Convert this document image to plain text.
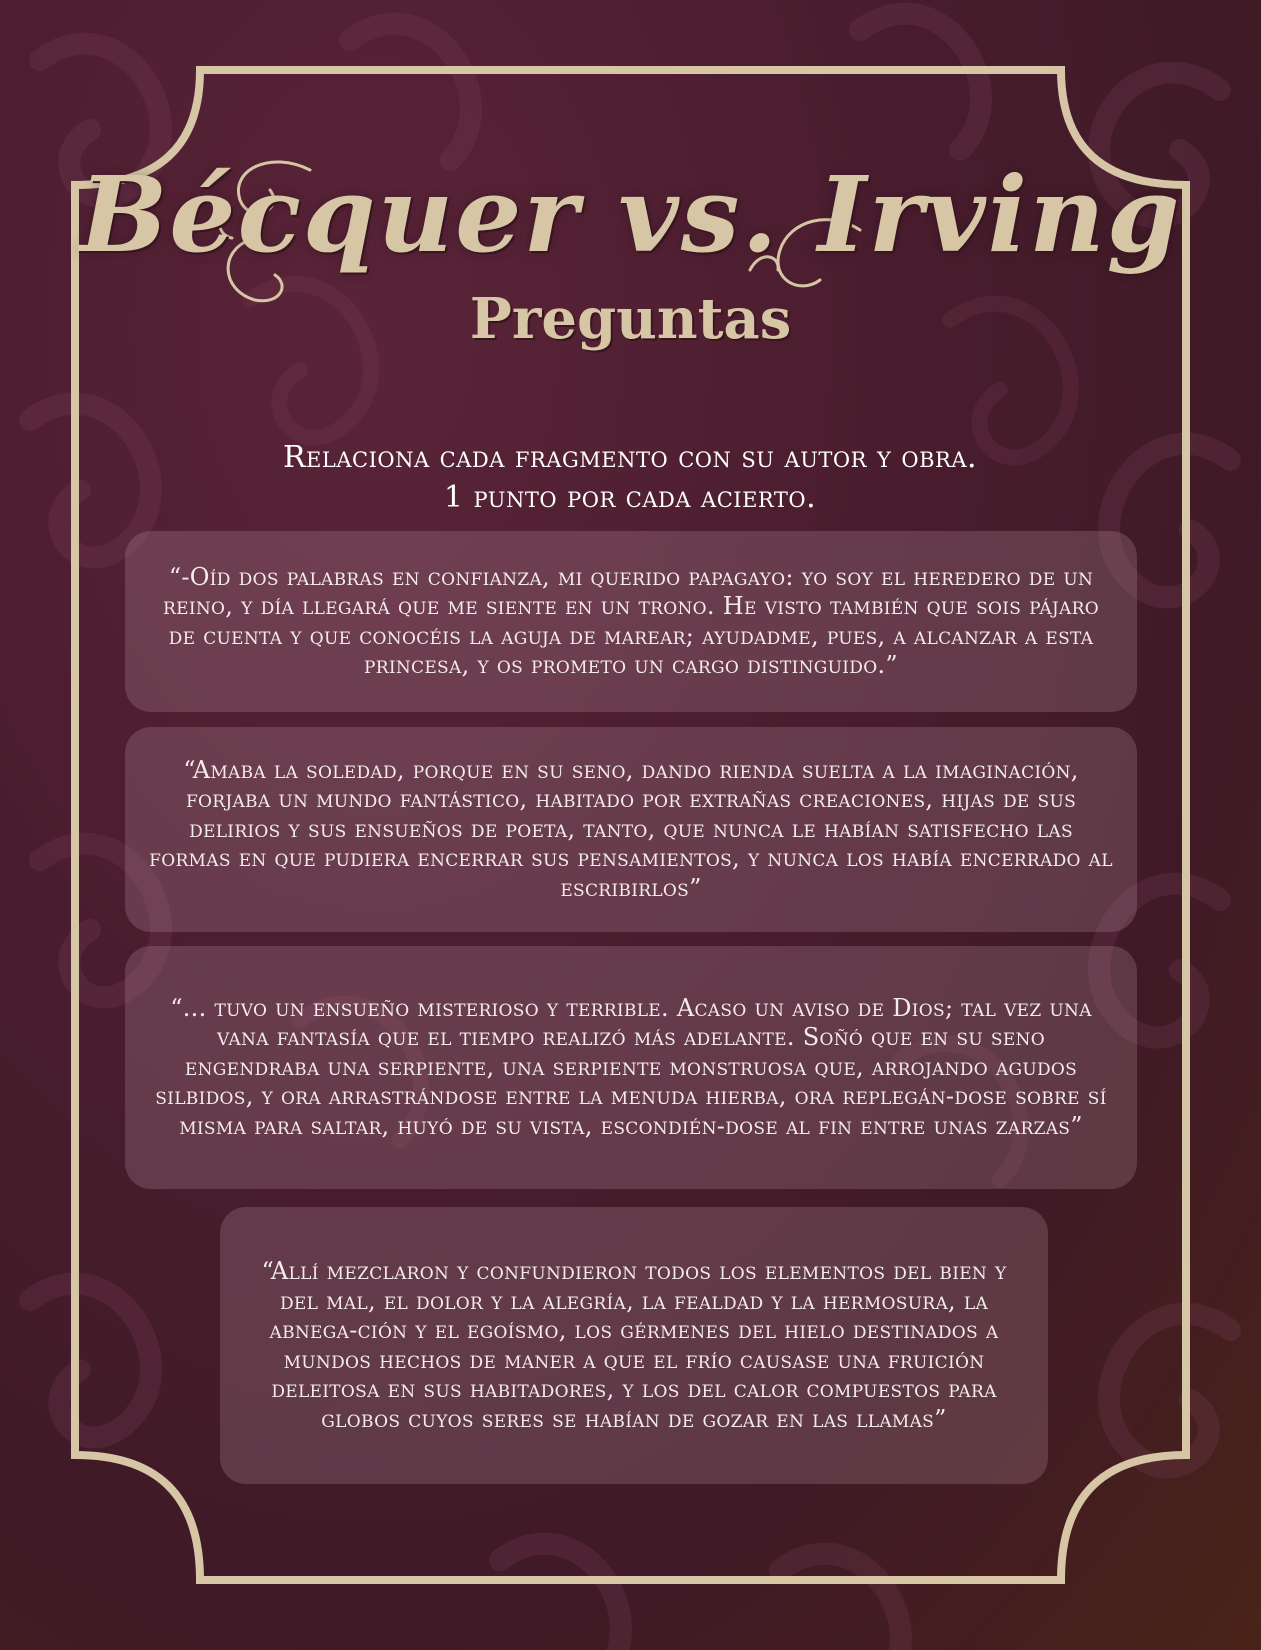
Bécquer vs. Irving
Preguntas
Relaciona cada fragmento con su autor y obra.
1 punto por cada acierto.
“-Oíd dos palabras en confianza, mi querido papagayo: yo soy el heredero de un reino, y día llegará que me siente en un trono. He visto también que sois pájaro de cuenta y que conocéis la aguja de marear; ayudadme, pues, a alcanzar a esta princesa, y os prometo un cargo distinguido.”
“Amaba la soledad, porque en su seno, dando rienda suelta a la imaginación, forjaba un mundo fantástico, habitado por extrañas creaciones, hijas de sus delirios y sus ensueños de poeta, tanto, que nunca le habían satisfecho las formas en que pudiera encerrar sus pensamientos, y nunca los había encerrado al escribirlos”
“... tuvo un ensueño misterioso y terrible. Acaso un aviso de Dios; tal vez una vana fantasía que el tiempo realizó más adelante. Soñó que en su seno engendraba una serpiente, una serpiente monstruosa que, arrojando agudos silbidos, y ora arrastrándose entre la menuda hierba, ora replegán-dose sobre sí misma para saltar, huyó de su vista, escondién-dose al fin entre unas zarzas”
“Allí mezclaron y confundieron todos los elementos del bien y del mal, el dolor y la alegría, la fealdad y la hermosura, la abnega-ción y el egoísmo, los gérmenes del hielo destinados a mundos hechos de maner a que el frío causase una fruición deleitosa en sus habitadores, y los del calor compuestos para globos cuyos seres se habían de gozar en las llamas”
